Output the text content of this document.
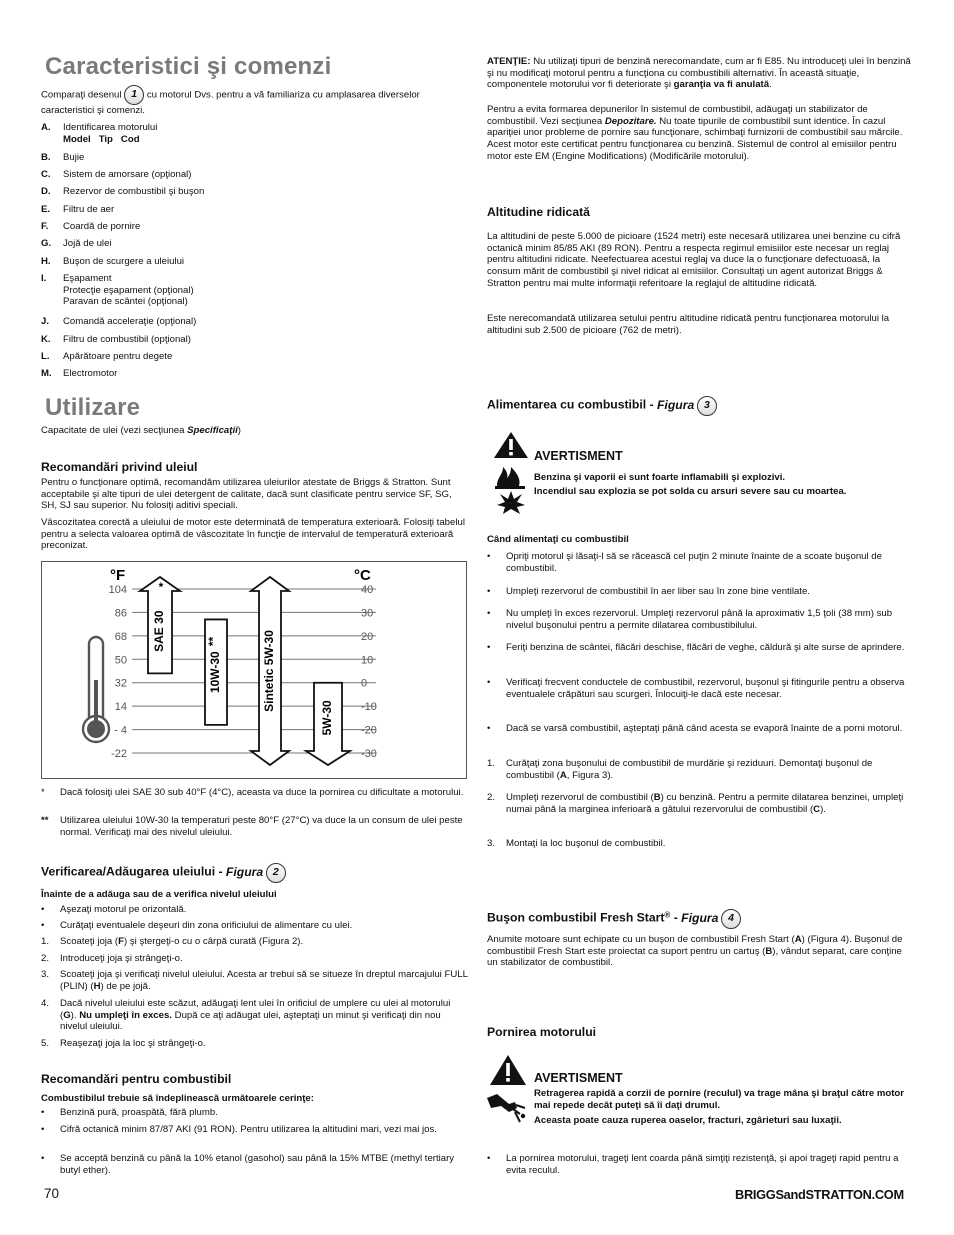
Caracteristici şi comenzi
Comparaţi desenul 1 cu motorul Dvs. pentru a vă familiariza cu amplasarea diverselor caracteristici şi comenzi.
A.	Identificarea motorului
Model   Tip   Cod
B.	Bujie
C.	Sistem de amorsare (opţional)
D.	Rezervor de combustibil şi buşon
E.	Filtru de aer
F.	Coardă de pornire
G.	Jojă de ulei
H.	Buşon de scurgere a uleiului
I.	Eşapament
Protecţie eşapament (opţional)
Paravan de scântei (opţional)
J.	Comandă acceleraţie (opţional)
K.	Filtru de combustibil (opţional)
L.	Apărătoare pentru degete
M.	Electromotor
Utilizare
Capacitate de ulei (vezi secţiunea Specificaţii)
Recomandări privind uleiul

Pentru o funcţionare optimă, recomandăm utilizarea uleiurilor atestate de Briggs & Stratton. Sunt acceptabile şi alte tipuri de ulei detergent de calitate, dacă sunt clasificate pentru service SF, SG, SH, SJ sau superior. Nu folosiţi aditivi speciali.

Vâscozitatea corectă a uleiului de motor este determinată de temperatura exterioară. Folosiţi tabelul pentru a selecta valoarea optimă de vâscozitate în funcţie de intervalul de temperatură exterioară preconizat.

°F	°C
104
86
68
50
32
14
- 4
-22
40
30
20
10
0
-10
-20
-30
SAE 30
*
10W-30
**	Sintetic 5W-30
5W-30
*	Dacă folosiţi ulei SAE 30 sub 40°F (4°C), aceasta va duce la pornirea cu dificultate a motorului.
**	Utilizarea uleiului 10W-30 la temperaturi peste 80°F (27°C) va duce la un consum de ulei peste normal. Verificaţi mai des nivelul uleiului.
Verificarea/Adăugarea uleiului - Figura 2
Înainte de a adăuga sau de a verifica nivelul uleiului
•	Aşezaţi motorul pe orizontală.
•	Curăţaţi eventualele deşeuri din zona orificiului de alimentare cu ulei.
1.	Scoateţi joja (F) şi ştergeţi-o cu o cârpă curată (Figura 2).
2.	Introduceţi joja şi strângeţi-o.
3.	Scoateţi joja şi verificaţi nivelul uleiului. Acesta ar trebui să se situeze în dreptul marcajului FULL (PLIN) (H) de pe jojă.
4.	Dacă nivelul uleiului este scăzut, adăugaţi lent ulei în orificiul de umplere cu ulei al motorului (G). Nu umpleţi în exces. După ce aţi adăugat ulei, aşteptaţi un minut şi verificaţi din nou nivelul uleiului.
5.	Reaşezaţi joja la loc şi strângeţi-o.
Recomandări pentru combustibil
Combustibilul trebuie să îndeplinească următoarele cerinţe:
•	Benzină pură, proaspătă, fără plumb.
•	Cifră octanică minim 87/87 AKI (91 RON). Pentru utilizarea la altitudini mari, vezi mai jos.
•	Se acceptă benzină cu până la 10% etanol (gasohol) sau până la 15% MTBE (methyl tertiary butyl ether).

ATENŢIE: Nu utilizaţi tipuri de benzină nerecomandate, cum ar fi E85. Nu introduceţi ulei în benzină şi nu modificaţi motorul pentru a funcţiona cu combustibili alternativi. În această situaţie, componentele motorului vor fi deteriorate şi garanţia va fi anulată.

Pentru a evita formarea depunerilor în sistemul de combustibil, adăugaţi un stabilizator de combustibil. Vezi secţiunea Depozitare. Nu toate tipurile de combustibil sunt identice. În cazul apariţiei unor probleme de pornire sau funcţionare, schimbaţi furnizorii de combustibil sau mărcile. Acest motor este certificat pentru funcţionarea cu benzină. Sistemul de control al emisiilor pentru motor este EM (Engine Modifications) (Modificările motorului).

Altitudine ridicată

La altitudini de peste 5.000 de picioare (1524 metri) este necesară utilizarea unei benzine cu cifră octanică minim 85/85 AKI (89 RON). Pentru a respecta regimul emisiilor este necesar un reglaj pentru altitudini ridicate. Neefectuarea acestui reglaj va duce la o funcţionare defectuoasă, la consum mărit de combustibil şi nivel ridicat al emisiilor. Consultaţi un agent autorizat Briggs & Stratton pentru mai multe informaţii referitoare la reglajul de altitudine ridicată.

Este nerecomandată utilizarea setului pentru altitudine ridicată pentru funcţionarea motorului la altitudini sub 2.500 de picioare (762 de metri).

Alimentarea cu combustibil - Figura 3
AVERTISMENT
Benzina şi vaporii ei sunt foarte inflamabili şi explozivi.
Incendiul sau explozia se pot solda cu arsuri severe sau cu moartea.
Când alimentaţi cu combustibil
•	Opriţi motorul şi lăsaţi-l să se răcească cel puţin 2 minute înainte de a scoate buşonul de combustibil.
•	Umpleţi rezervorul de combustibil în aer liber sau în zone bine ventilate.
•	Nu umpleţi în exces rezervorul. Umpleţi rezervorul până la aproximativ 1,5 ţoli (38 mm) sub nivelul buşonului pentru a permite dilatarea combustibilului.
•	Feriţi benzina de scântei, flăcări deschise, flăcări de veghe, căldură şi alte surse de aprindere.
•	Verificaţi frecvent conductele de combustibil, rezervorul, buşonul şi fitingurile pentru a observa eventualele crăpături sau scurgeri. Înlocuiţi-le dacă este necesar.
•	Dacă se varsă combustibil, aşteptaţi până când acesta se evaporă înainte de a porni motorul.
1.	Curăţaţi zona buşonului de combustibil de murdărie şi reziduuri. Demontaţi buşonul de combustibil (A, Figura 3).
2.	Umpleţi rezervorul de combustibil (B) cu benzină. Pentru a permite dilatarea benzinei, umpleţi numai până la marginea inferioară a gâtului rezervorului de combustibil (C).
3.	Montaţi la loc buşonul de combustibil.
Buşon combustibil Fresh Start® - Figura 4

Anumite motoare sunt echipate cu un buşon de combustibil Fresh Start (A) (Figura 4). Buşonul de combustibil Fresh Start este proiectat ca suport pentru un cartuş (B), vândut separat, care conţine un stabilizator de combustibil.

Pornirea motorului
AVERTISMENT
Retragerea rapidă a corzii de pornire (reculul) va trage mâna şi braţul către motor mai repede decât puteţi să îi daţi drumul.
Aceasta poate cauza ruperea oaselor, fracturi, zgârieturi sau luxaţii.
•	La pornirea motorului, trageţi lent coarda până simţiţi rezistenţă, şi apoi trageţi rapid pentru a evita reculul.
70	BRIGGSandSTRATTON.COM
